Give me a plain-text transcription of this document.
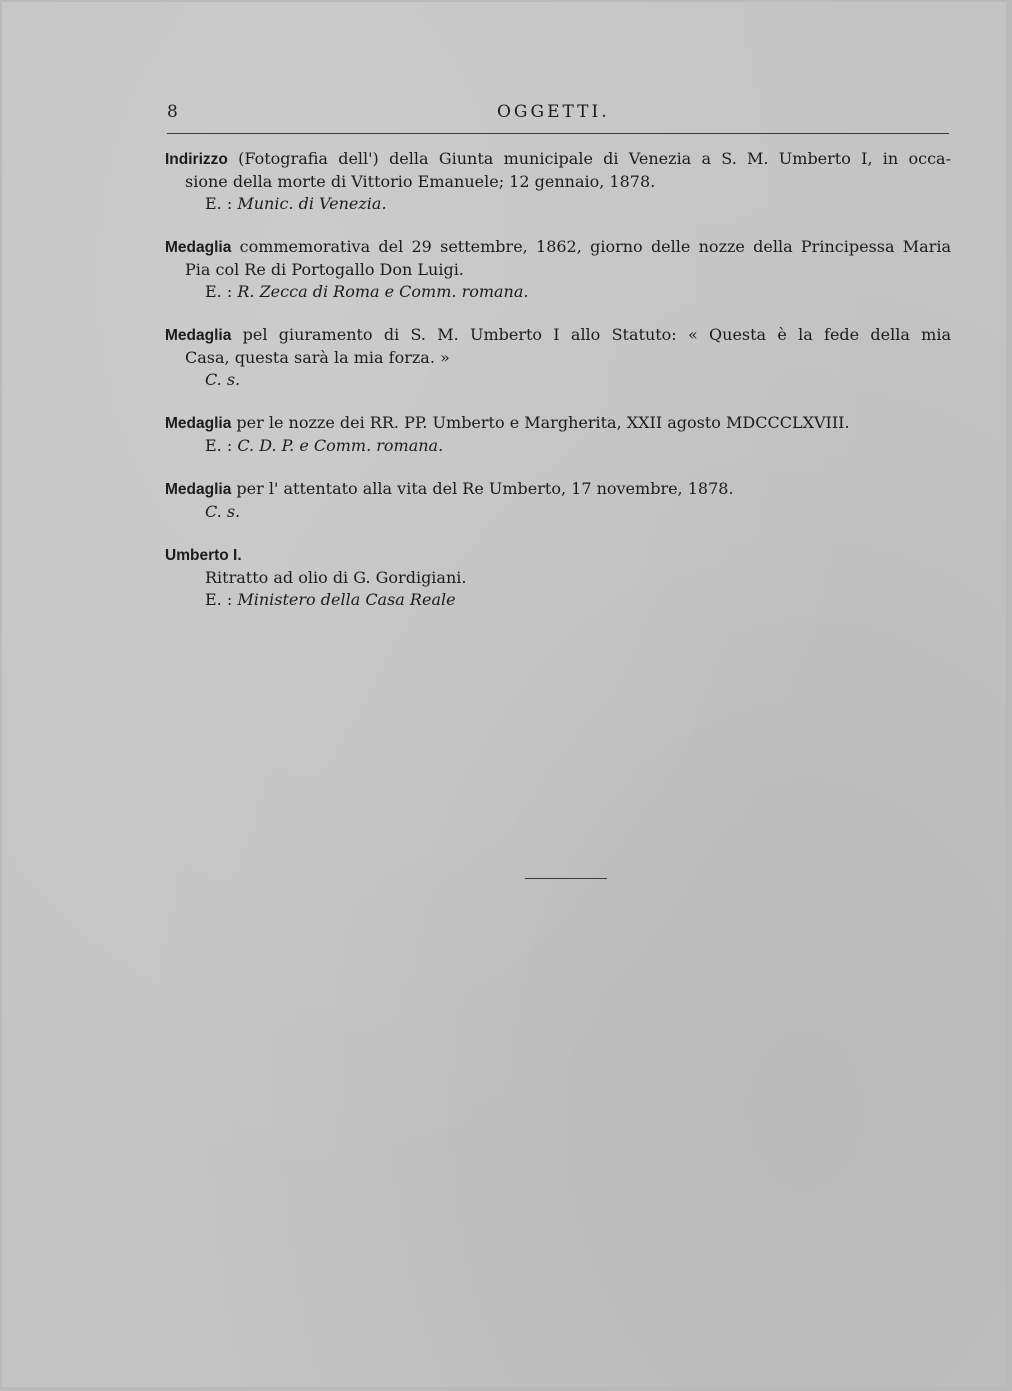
8	OGGETTI.

Indirizzo (Fotografia dell') della Giunta municipale di Venezia a S. M. Umberto I, in occa-

sione della morte di Vittorio Emanuele; 12 gennaio, 1878.

E. : Munic. di Venezia.

Medaglia commemorativa del 29 settembre, 1862, giorno delle nozze della Principessa Maria

Pia col Re di Portogallo Don Luigi.

E. : R. Zecca di Roma e Comm. romana.

Medaglia pel giuramento di S. M. Umberto I allo Statuto: « Questa è la fede della mia

Casa, questa sarà la mia forza. »

C. s.

Medaglia per le nozze dei RR. PP. Umberto e Margherita, XXII agosto MDCCCLXVIII.

E. : C. D. P. e Comm. romana.

Medaglia per l' attentato alla vita del Re Umberto, 17 novembre, 1878.

C. s.

Umberto I.

Ritratto ad olio di G. Gordigiani.

E. : Ministero della Casa Reale
